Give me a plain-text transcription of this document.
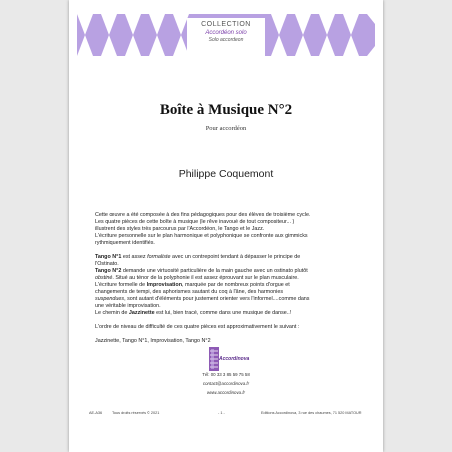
COLLECTION
Accordéon solo
Solo accordeon
Boîte à Musique N°2
Pour accordéon
Philippe Coquemont

Cette œuvre a été composée à des fins pédagogiques pour des élèves de troisième cycle.
Les quatre pièces de cette boîte à musique (le rêve inavoué de tout compositeur... )
illustrent des styles très parcourus par l'Accordéon, le Tango et le Jazz.
L'écriture personnelle sur le plan harmonique et polyphonique se confronte aux gimmicks
rythmiquement identifiés.

Tango N°1 est assez formaliste avec un contrepoint tendant à dépasser le principe de
l'Ostinato.
Tango N°2 demande une virtuosité particulière de la main gauche avec un ostinato plutôt
obstiné. Situé au ténor de la polyphonie il est assez éprouvant sur le plan musculaire.
L'écriture formelle de Improvisation, marquée par de nombreux points d'orgue et
changements de tempi, des aphorismes sautant du coq à l'âne, des harmonies
suspendues, sont autant d'éléments pour justement orienter vers l'informel....comme dans
une véritable improvisation.
Le chemin de Jazzinette est lui, bien tracé, comme dans une musique de danse..!

L'ordre de niveau de difficulté de ces quatre pièces est approximativement le suivant :

Jazzinette, Tango N°1, Improvisation, Tango N°2

Accordinova
Tél: 00 33 3 85 59 75 58
contact@accordinova.fr
www.accordinova.fr
AE-A36	Tous droits réservés © 2021	- 1 -	Editions Accordinova, 3 rue des chaumes, 71 520 MATOUR
